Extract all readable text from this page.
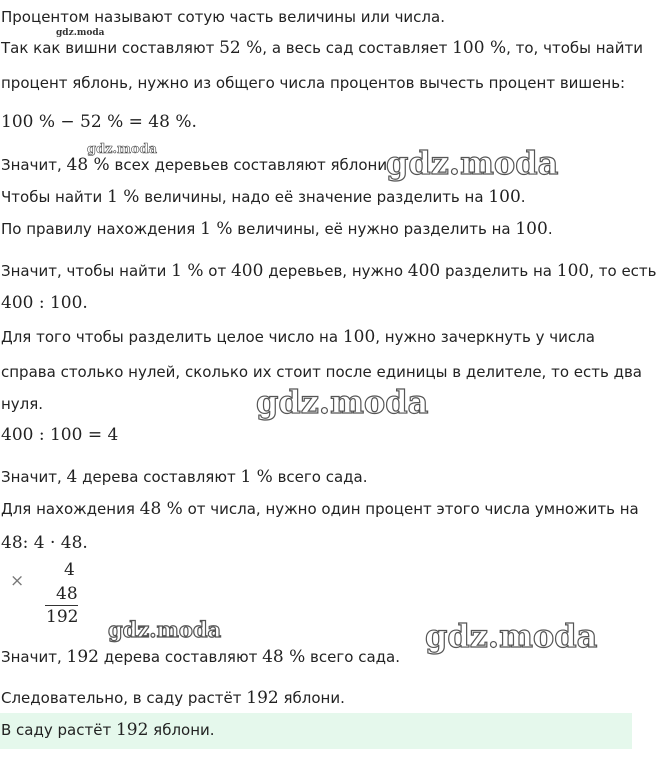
Процентом называют сотую часть величины или числа.
gdz.moda
Так как вишни составляют 52 %, а весь сад составляет 100 %, то, чтобы найти
процент яблонь, нужно из общего числа процентов вычесть процент вишень:
100 % − 52 % = 48 %.
gdz.moda
Значит, 48 % всех деревьев составляют яблони.
gdz.moda
Чтобы найти 1 % величины, надо её значение разделить на 100.
По правилу нахождения 1 % величины, её нужно разделить на 100.
Значит, чтобы найти 1 % от 400 деревьев, нужно 400 разделить на 100, то есть
400 : 100.
Для того чтобы разделить целое число на 100, нужно зачеркнуть у числа
справа столько нулей, сколько их стоит после единицы в делителе, то есть два
нуля.	gdz.moda
400 : 100 = 4
Значит, 4 дерева составляют 1 % всего сада.
Для нахождения 48 % от числа, нужно один процент этого числа умножить на
48: 4 · 48.
×
4
48
192 gdz.moda	gdz.moda
Значит, 192 дерева составляют 48 % всего сада.
Следовательно, в саду растёт 192 яблони.
В саду растёт 192 яблони.
